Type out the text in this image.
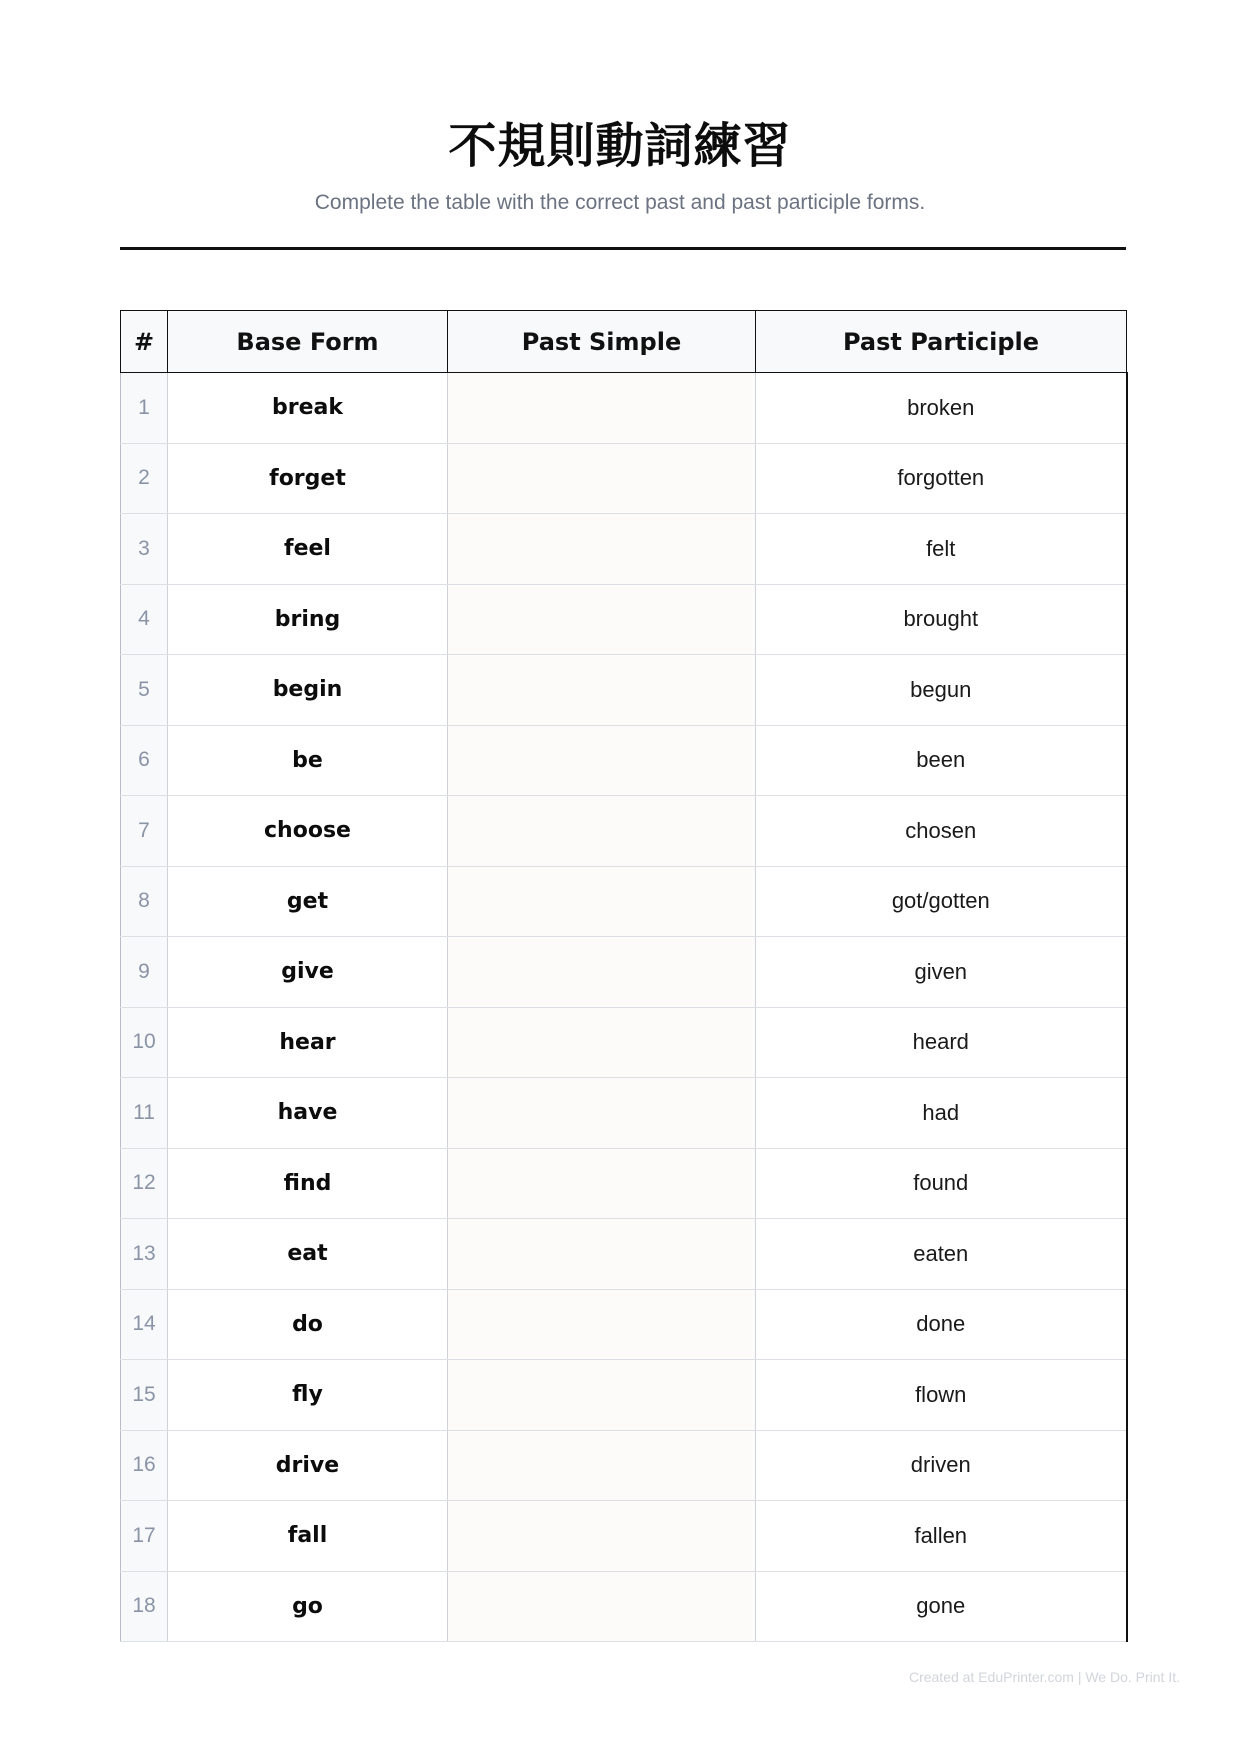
不規則動詞練習
Complete the table with the correct past and past participle forms.
#	Base Form	Past Simple	Past Participle
1	break		broken
2	forget		forgotten
3	feel		felt
4	bring		brought
5	begin		begun
6	be		been
7	choose		chosen
8	get		got/gotten
9	give		given
10	hear		heard
11	have		had
12	find		found
13	eat		eaten
14	do		done
15	fly		flown
16	drive		driven
17	fall		fallen
18	go		gone
Created at EduPrinter.com | We Do. Print It.
